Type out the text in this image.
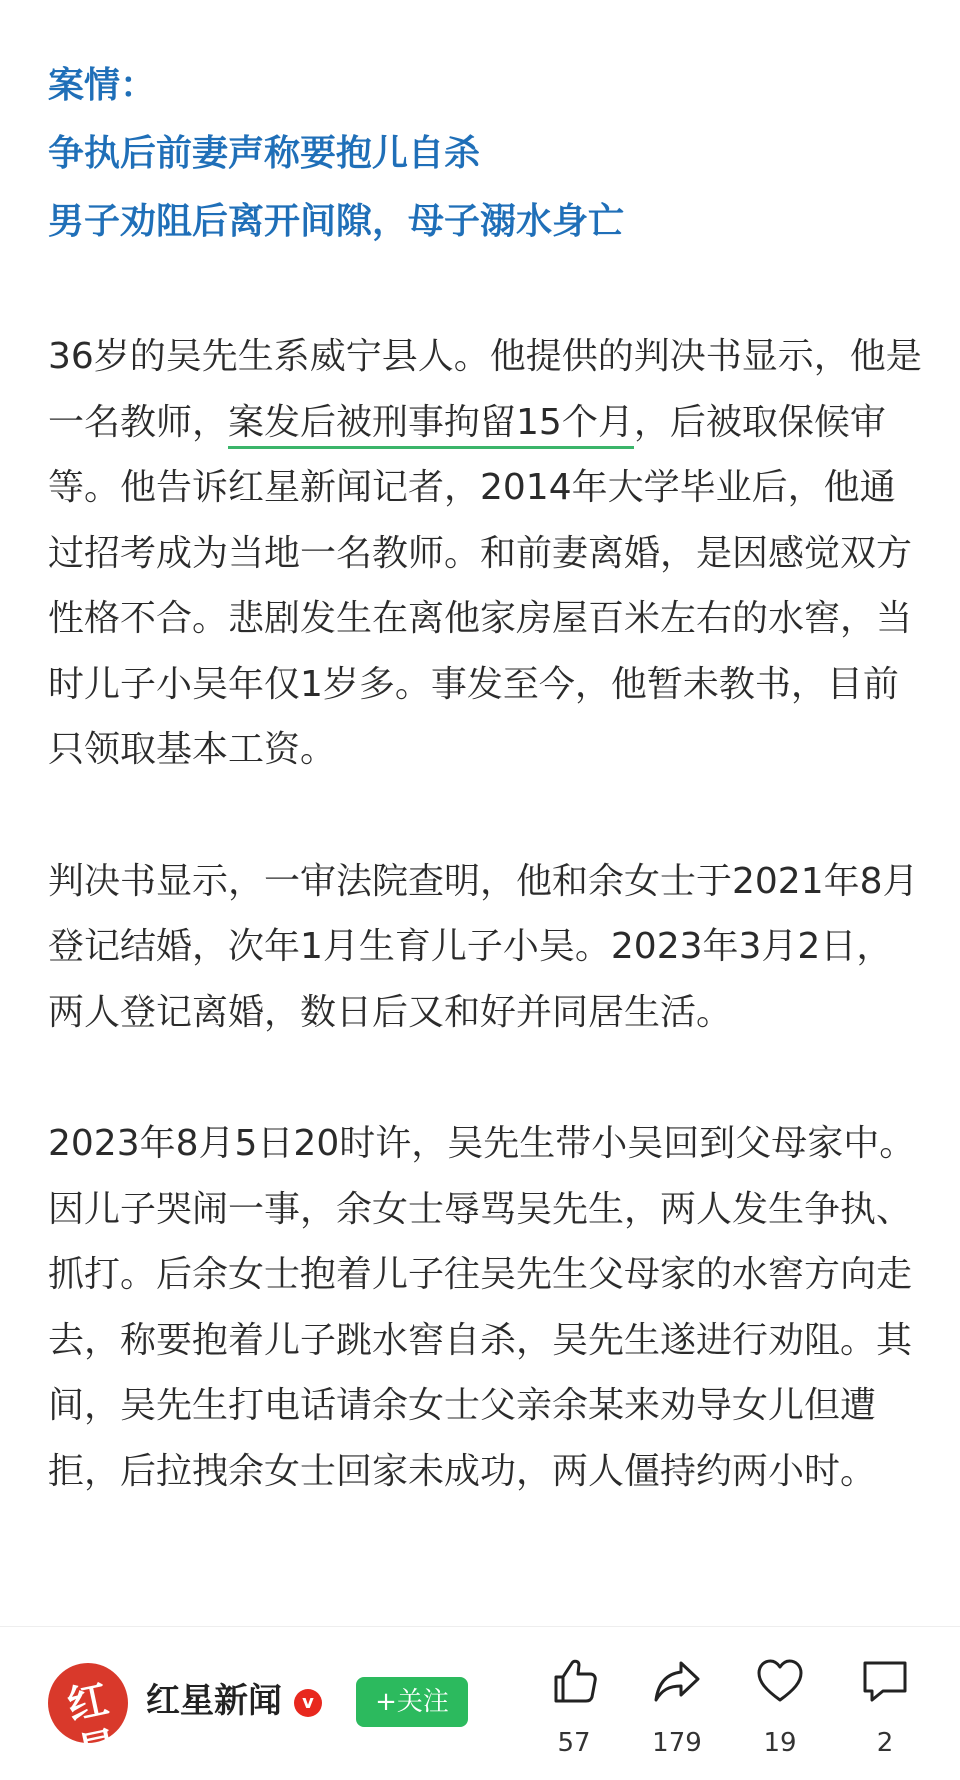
案情：
争执后前妻声称要抱儿自杀
男子劝阻后离开间隙，母子溺水身亡

36岁的吴先生系威宁县人。他提供的判决书显示，他是一名教师，案发后被刑事拘留15个月，后被取保候审等。他告诉红星新闻记者，2014年大学毕业后，他通过招考成为当地一名教师。和前妻离婚，是因感觉双方性格不合。悲剧发生在离他家房屋百米左右的水窖，当时儿子小吴年仅1岁多。事发至今，他暂未教书，目前只领取基本工资。

判决书显示，一审法院查明，他和余女士于2021年8月登记结婚，次年1月生育儿子小吴。2023年3月2日，两人登记离婚，数日后又和好并同居生活。

2023年8月5日20时许，吴先生带小吴回到父母家中。因儿子哭闹一事，余女士辱骂吴先生，两人发生争执、抓打。后余女士抱着儿子往吴先生父母家的水窖方向走去，称要抱着儿子跳水窖自杀，吴先生遂进行劝阻。其间，吴先生打电话请余女士父亲余某来劝导女儿但遭拒，后拉拽余女士回家未成功，两人僵持约两小时。

红星
红星新闻	v	+关注
57	179	19	2
